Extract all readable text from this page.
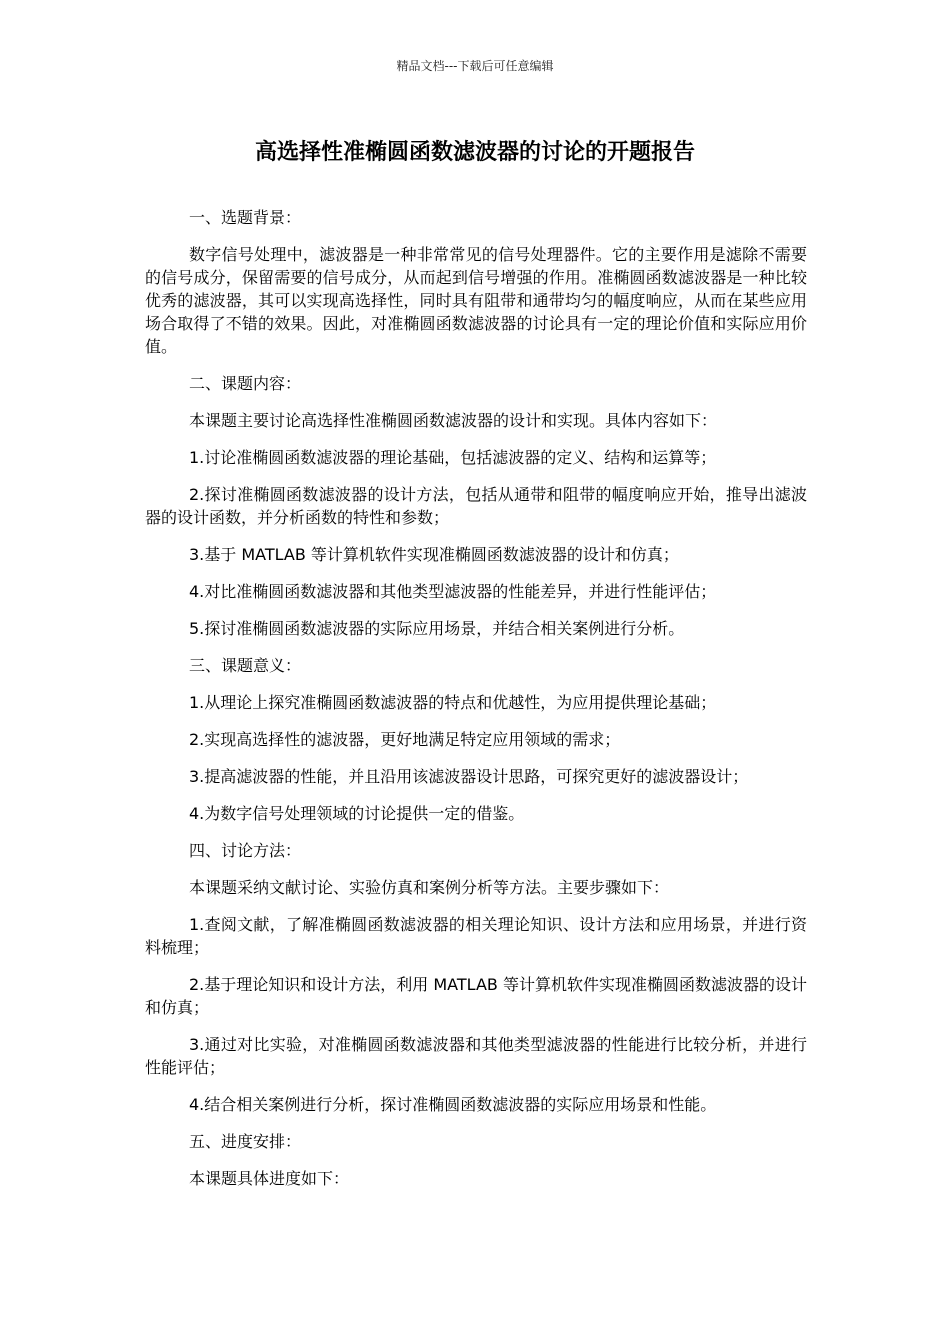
精品文档---下载后可任意编辑
高选择性准椭圆函数滤波器的讨论的开题报告

一、选题背景：

数字信号处理中，滤波器是一种非常常见的信号处理器件。它的主要作用是滤除不需要的信号成分，保留需要的信号成分，从而起到信号增强的作用。准椭圆函数滤波器是一种比较优秀的滤波器，其可以实现高选择性，同时具有阻带和通带均匀的幅度响应，从而在某些应用场合取得了不错的效果。因此，对准椭圆函数滤波器的讨论具有一定的理论价值和实际应用价值。

二、课题内容：

本课题主要讨论高选择性准椭圆函数滤波器的设计和实现。具体内容如下：

1.讨论准椭圆函数滤波器的理论基础，包括滤波器的定义、结构和运算等；

2.探讨准椭圆函数滤波器的设计方法，包括从通带和阻带的幅度响应开始，推导出滤波器的设计函数，并分析函数的特性和参数；

3.基于 MATLAB 等计算机软件实现准椭圆函数滤波器的设计和仿真；

4.对比准椭圆函数滤波器和其他类型滤波器的性能差异，并进行性能评估；

5.探讨准椭圆函数滤波器的实际应用场景，并结合相关案例进行分析。

三、课题意义：

1.从理论上探究准椭圆函数滤波器的特点和优越性，为应用提供理论基础；

2.实现高选择性的滤波器，更好地满足特定应用领域的需求；

3.提高滤波器的性能，并且沿用该滤波器设计思路，可探究更好的滤波器设计；

4.为数字信号处理领域的讨论提供一定的借鉴。

四、讨论方法：

本课题采纳文献讨论、实验仿真和案例分析等方法。主要步骤如下：

1.查阅文献，了解准椭圆函数滤波器的相关理论知识、设计方法和应用场景，并进行资料梳理；

2.基于理论知识和设计方法，利用 MATLAB 等计算机软件实现准椭圆函数滤波器的设计和仿真；

3.通过对比实验，对准椭圆函数滤波器和其他类型滤波器的性能进行比较分析，并进行性能评估；

4.结合相关案例进行分析，探讨准椭圆函数滤波器的实际应用场景和性能。

五、进度安排：

本课题具体进度如下：
